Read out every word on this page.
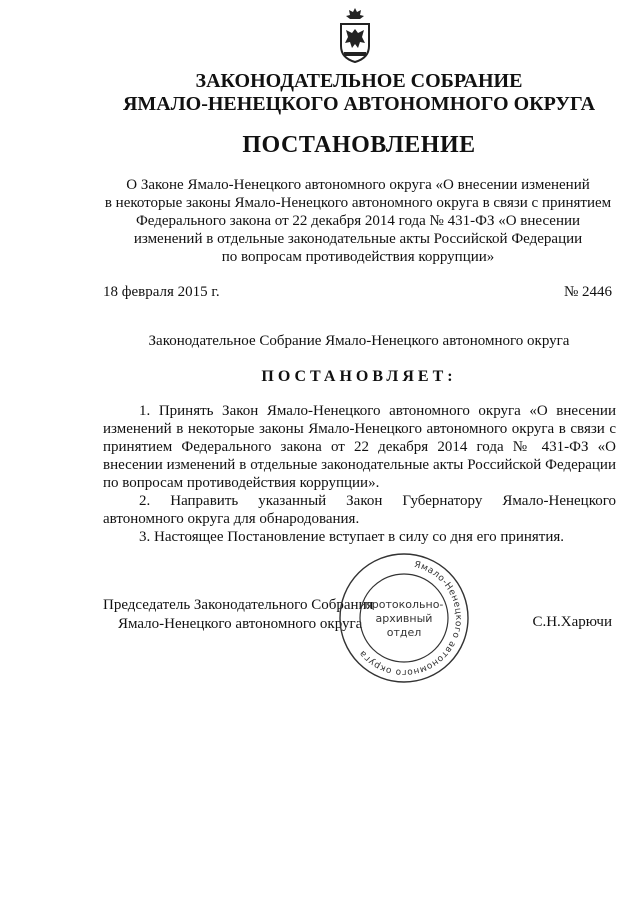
ЗАКОНОДАТЕЛЬНОЕ СОБРАНИЕ
ЯМАЛО-НЕНЕЦКОГО АВТОНОМНОГО ОКРУГА
ПОСТАНОВЛЕНИЕ
О Законе Ямало-Ненецкого автономного округа «О внесении изменений
в некоторые законы Ямало-Ненецкого автономного округа в связи с принятием
Федерального закона от 22 декабря 2014 года № 431-ФЗ «О внесении
изменений в отдельные законодательные акты Российской Федерации
по вопросам противодействия коррупции»
18 февраля 2015 г.	№ 2446
Законодательное Собрание Ямало-Ненецкого автономного округа
ПОСТАНОВЛЯЕТ:
1. Принять Закон Ямало-Ненецкого автономного округа «О внесении изменений в некоторые законы Ямало-Ненецкого автономного округа в связи с принятием Федерального закона от 22 декабря 2014 года № 431-ФЗ «О внесении изменений в отдельные законодательные акты Российской Федерации по вопросам противодействия коррупции».
2. Направить указанный Закон Губернатору Ямало-Ненецкого автономного округа для обнародования.
3. Настоящее Постановление вступает в силу со дня его принятия.
Председатель Законодательного Собрания
Ямало-Ненецкого автономного округа	С.Н.Харючи
Ямало-Ненецкого автономного округа
протокольно-
архивный
отдел
